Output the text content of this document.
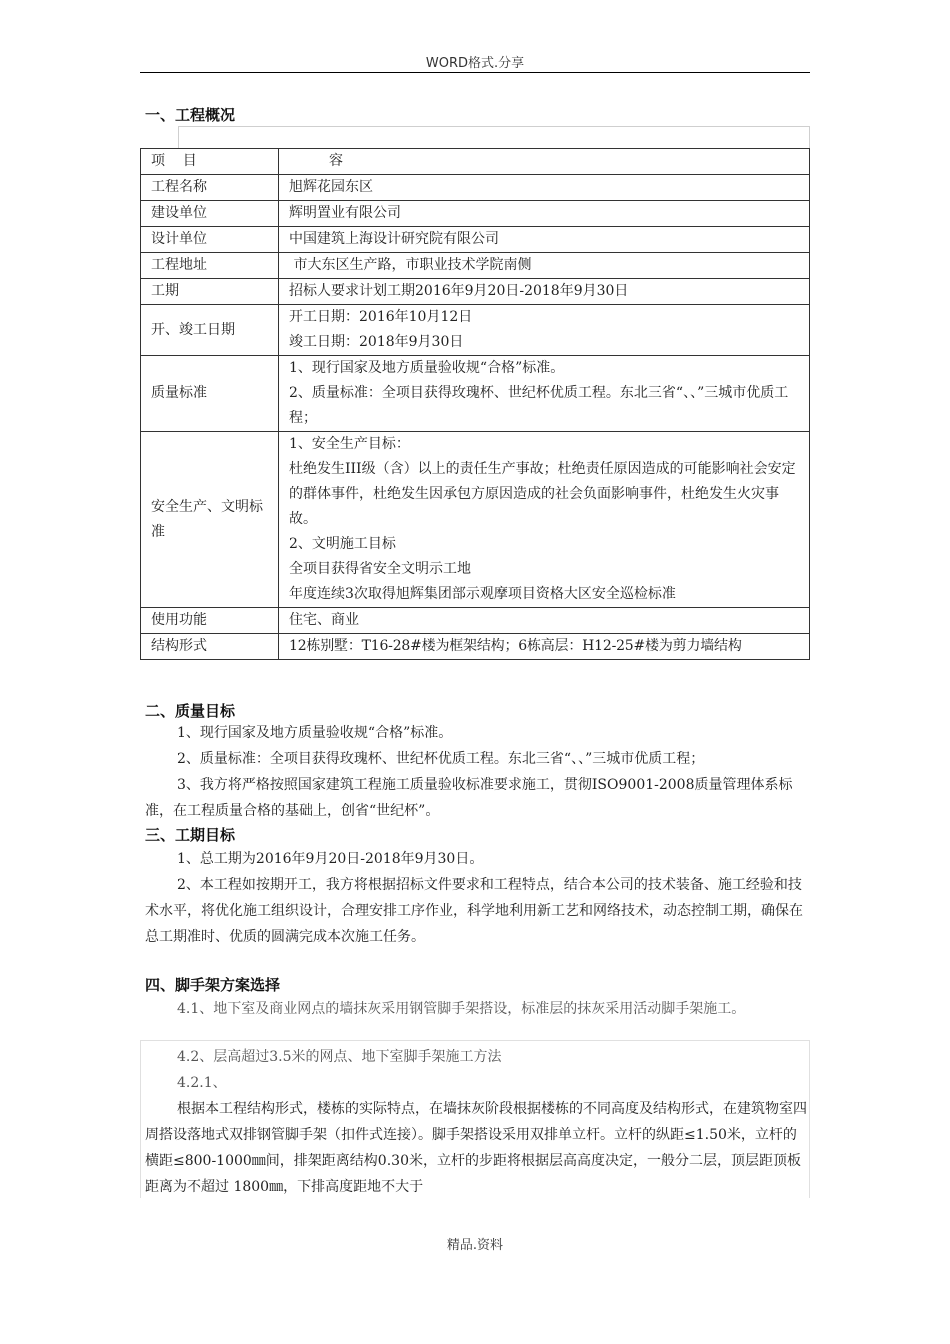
WORD格式.分享
一、工程概况
项    目	容
工程名称	旭辉花园东区
建设单位	辉明置业有限公司
设计单位	中国建筑上海设计研究院有限公司
工程地址	市大东区生产路，市职业技术学院南侧
工期	招标人要求计划工期2016年9月20日-2018年9月30日
开、竣工日期	开工日期：2016年10月12日
竣工日期：2018年9月30日

质量标准	1、现行国家及地方质量验收规“合格”标准。
2、质量标准：全项目获得玫瑰杯、世纪杯优质工程。东北三省“、、”三城市优质工程；

安全生产、文明标准	1、安全生产目标：
杜绝发生III级（含）以上的责任生产事故；杜绝责任原因造成的可能影响社会安定的群体事件，杜绝发生因承包方原因造成的社会负面影响事件，杜绝发生火灾事故。
2、文明施工目标
全项目获得省安全文明示工地
年度连续3次取得旭辉集团部示观摩项目资格大区安全巡检标准

使用功能	住宅、商业
结构形式	12栋别墅：T16-28#楼为框架结构；6栋高层：H12-25#楼为剪力墙结构
二、质量目标

1、现行国家及地方质量验收规“合格”标准。

2、质量标准：全项目获得玫瑰杯、世纪杯优质工程。东北三省“、、”三城市优质工程；

3、我方将严格按照国家建筑工程施工质量验收标准要求施工，贯彻ISO9001-2008质量管理体系标准，在工程质量合格的基础上，创省“世纪杯”。

三、工期目标

1、总工期为2016年9月20日-2018年9月30日。

2、本工程如按期开工，我方将根据招标文件要求和工程特点，结合本公司的技术装备、施工经验和技术水平，将优化施工组织设计，合理安排工序作业，科学地利用新工艺和网络技术，动态控制工期，确保在总工期准时、优质的圆满完成本次施工任务。

四、脚手架方案选择

4.1、地下室及商业网点的墙抹灰采用钢管脚手架搭设，标准层的抹灰采用活动脚手架施工。

4.2、层高超过3.5米的网点、地下室脚手架施工方法

4.2.1、

根据本工程结构形式，楼栋的实际特点，在墙抹灰阶段根据楼栋的不同高度及结构形式，在建筑物室四周搭设落地式双排钢管脚手架（扣件式连接）。脚手架搭设采用双排单立杆。立杆的纵距≤1.50米，立杆的横距≤800-1000㎜间，排架距离结构0.30米，立杆的步距将根据层高高度决定，一般分二层，顶层距顶板距离为不超过 1800㎜，下排高度距地不大于

精品.资料
